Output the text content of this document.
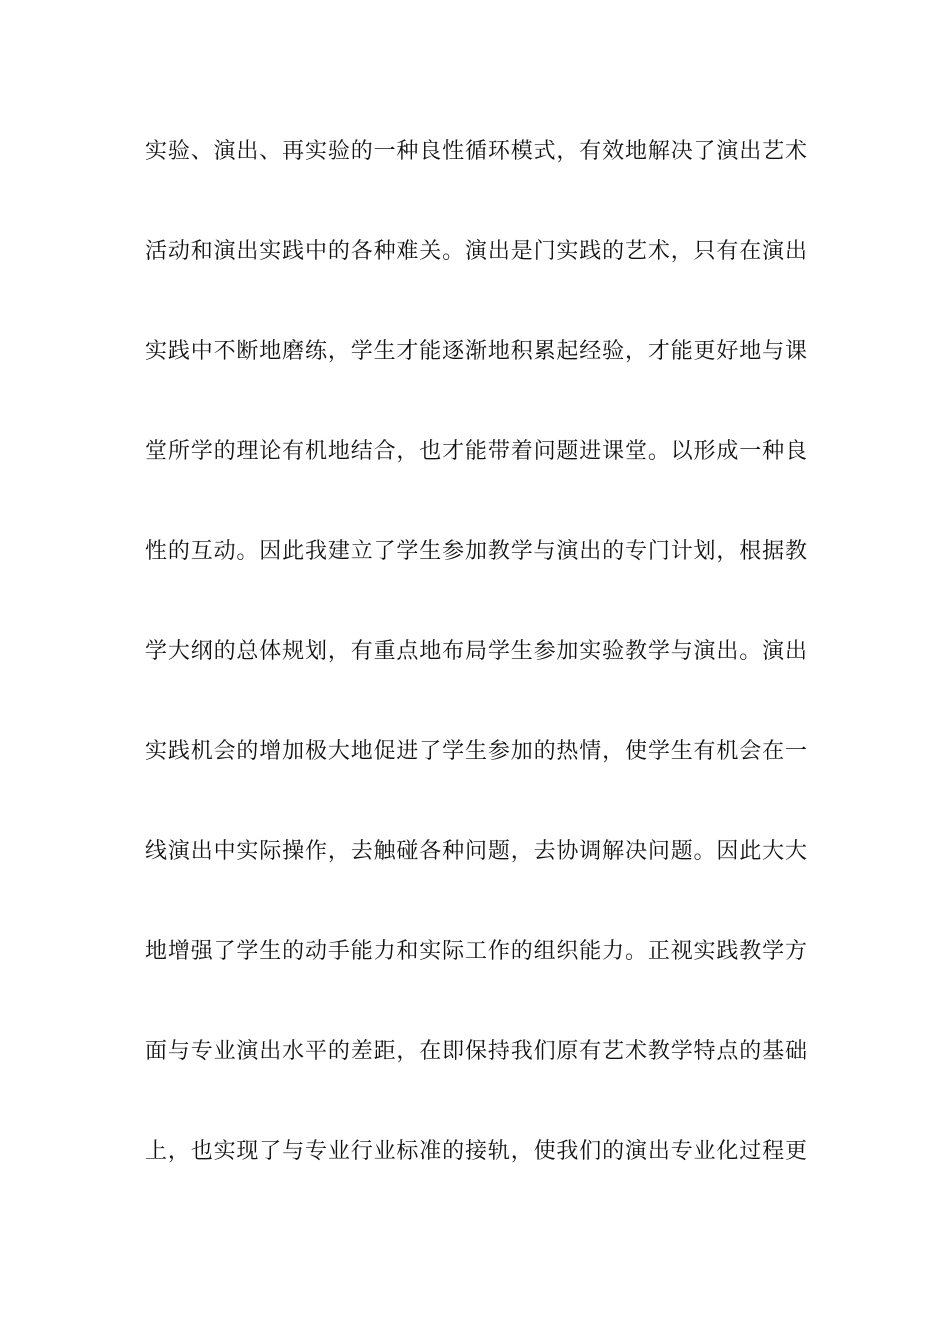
实验、演出、再实验的一种良性循环模式，有效地解决了演出艺术
活动和演出实践中的各种难关。演出是门实践的艺术，只有在演出
实践中不断地磨练，学生才能逐渐地积累起经验，才能更好地与课
堂所学的理论有机地结合，也才能带着问题进课堂。以形成一种良
性的互动。因此我建立了学生参加教学与演出的专门计划，根据教
学大纲的总体规划，有重点地布局学生参加实验教学与演出。演出
实践机会的增加极大地促进了学生参加的热情，使学生有机会在一
线演出中实际操作，去触碰各种问题，去协调解决问题。因此大大
地增强了学生的动手能力和实际工作的组织能力。正视实践教学方
面与专业演出水平的差距，在即保持我们原有艺术教学特点的基础
上，也实现了与专业行业标准的接轨，使我们的演出专业化过程更
